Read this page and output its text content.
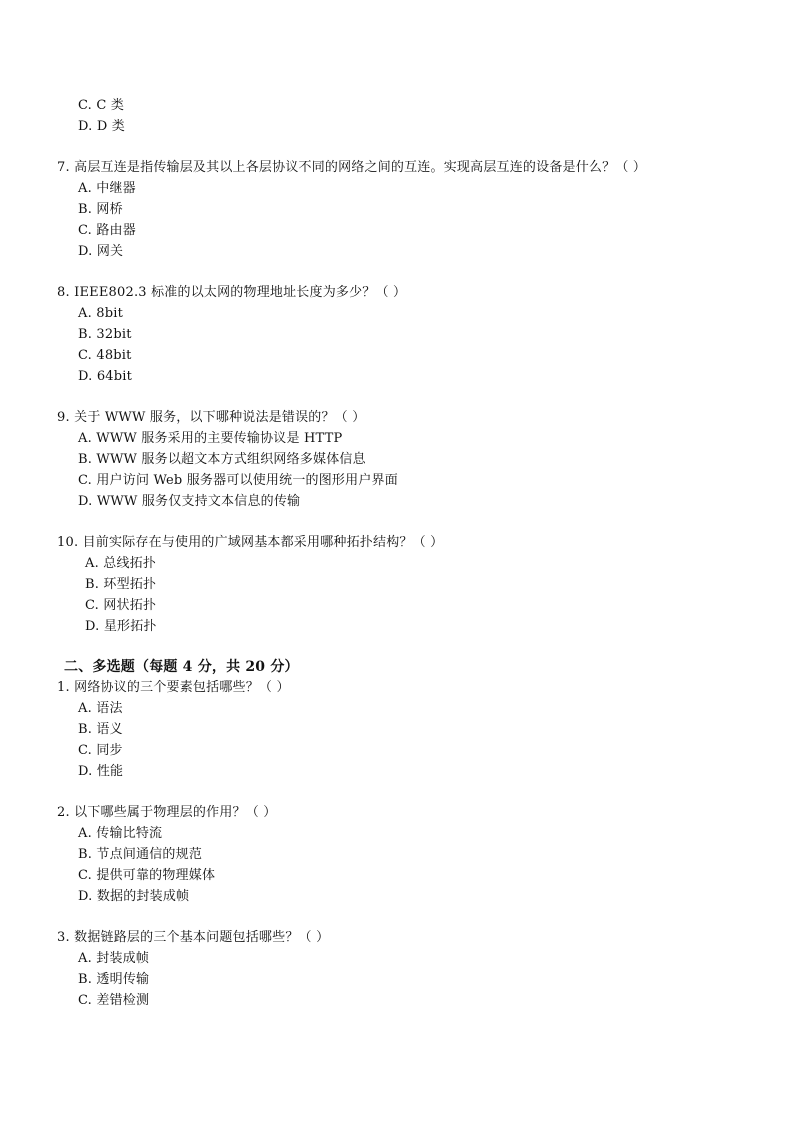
C. C 类
D. D 类
7. 高层互连是指传输层及其以上各层协议不同的网络之间的互连。实现高层互连的设备是什么？（ ）
A. 中继器
B. 网桥
C. 路由器
D. 网关
8. IEEE802.3 标准的以太网的物理地址长度为多少？（ ）
A. 8bit
B. 32bit
C. 48bit
D. 64bit
9. 关于 WWW 服务，以下哪种说法是错误的？（ ）
A. WWW 服务采用的主要传输协议是 HTTP
B. WWW 服务以超文本方式组织网络多媒体信息
C. 用户访问 Web 服务器可以使用统一的图形用户界面
D. WWW 服务仅支持文本信息的传输
10. 目前实际存在与使用的广域网基本都采用哪种拓扑结构？（ ）
A. 总线拓扑
B. 环型拓扑
C. 网状拓扑
D. 星形拓扑
二、多选题（每题 4 分，共 20 分）
1. 网络协议的三个要素包括哪些？（ ）
A. 语法
B. 语义
C. 同步
D. 性能
2. 以下哪些属于物理层的作用？（ ）
A. 传输比特流
B. 节点间通信的规范
C. 提供可靠的物理媒体
D. 数据的封装成帧
3. 数据链路层的三个基本问题包括哪些？（ ）
A. 封装成帧
B. 透明传输
C. 差错检测
